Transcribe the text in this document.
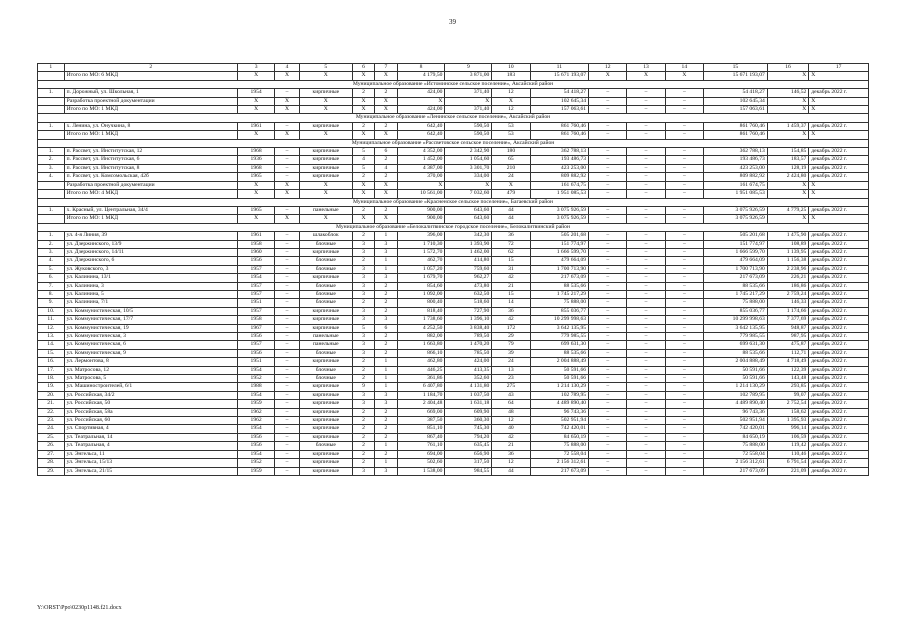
39
1	2	3	4	5	6	7	8	9	10	11	12	13	14	15	16	17
	Итого по МО: 6 МКД	X	X	X	X	X	4 179,50	3 871,00	183	15 671 193,07	X	X	X	15 671 193,07	X	X
Муниципальное образование «Истоминское сельское поселение», Аксайский район																
1.	п. Дорожный, ул. Школьная, 1	1954	–	кирпичные	2	2	424,00	371,40	12	54 418,27	–	–	–	54 418,27	146,52	декабрь 2022 г.
	Разработка проектной документации	X	X	X	X	X	X	X	X	102 645,34	–	–	–	102 645,34	X	X
	Итого по МО: 1 МКД	X	X	X	X	X	424,00	371,40	12	157 063,61	–	–	–	157 063,61	X	X
Муниципальное образование «Ленинское сельское поселение», Аксайский район																
1.	х. Ленина, ул. Онучкина, 8	1961	–	кирпичные	2	2	642,40	590,50	53	861 760,46	–	–	–	861 760,46	1 459,37	декабрь 2022 г.
	Итого по МО: 1 МКД	X	X	X	X	X	642,40	590,50	53	861 760,46	–	–	–	861 760,46	X	X
Муниципальное образование «Рассветовское сельское поселение», Аксайский район																
1.	п. Рассвет, ул. Институтская, 12	1968	–	кирпичные	5	6	4 352,00	2 342,90	180	362 788,13	–	–	–	362 788,13	154,85	декабрь 2022 г.
2.	п. Рассвет, ул. Институтская, 6	1936	–	кирпичные	4	2	1 452,00	1 054,60	65	193 486,73	–	–	–	193 486,73	183,57	декабрь 2022 г.
3.	п. Рассвет, ул. Институтская, 8	1968	–	кирпичные	5	4	4 387,00	3 301,70	210	423 253,00	–	–	–	423 253,00	128,19	декабрь 2022 г.
4.	п. Рассвет, ул. Комсомольская, 42б	1965	–	кирпичные	2	2	370,00	334,00	24	809 882,92	–	–	–	809 882,92	2 424,80	декабрь 2022 г.
	Разработка проектной документации	X	X	X	X	X	X	X	X	161 674,75	–	–	–	161 674,75	X	X
	Итого по МО: 4 МКД	X	X	X	X	X	10 561,00	7 032,60	479	1 951 085,53	–	–	–	1 951 085,53	X	X
Муниципальное образование «Красненское сельское поселение», Багаевский район																
1.	х. Красный, ул. Центральная, 34/4	1965	–	панельные	2	2	900,00	643,60	44	3 075 926,59	–	–	–	3 075 926,59	4 779,25	декабрь 2022 г.
	Итого по МО: 1 МКД	X	X	X	X	X	900,00	643,60	44	3 075 926,59	–	–	–	3 075 926,59	X	X
Муниципальное образование «Белокалитвинское городское поселение», Белокалитвинский район																
1.	ул. 4-я Линия, 39	1961	–	шлакоблок	2	1	396,00	342,30	36	505 201,68	–	–	–	505 201,68	1 475,90	декабрь 2022 г.
2.	ул. Дзержинского, 13/9	1958	–	блочные	3	3	1 710,30	1 393,90	72	151 774,97	–	–	–	151 774,97	108,89	декабрь 2022 г.
3.	ул. Дзержинского, 14/11	1960	–	кирпичные	3	3	1 572,70	1 462,00	62	1 666 599,70	–	–	–	1 666 599,70	1 139,95	декабрь 2022 г.
4.	ул. Дзержинского, 6	1956	–	блочные	2	1	462,70	414,80	15	479 664,09	–	–	–	479 664,09	1 156,38	декабрь 2022 г.
5.	ул. Жуковского, 3	1957	–	блочные	3	1	1 057,20	759,60	31	1 700 713,90	–	–	–	1 700 713,90	2 238,96	декабрь 2022 г.
6.	ул. Калинина, 13/1	1954	–	кирпичные	3	3	1 679,70	962,27	42	217 673,09	–	–	–	217 673,09	226,21	декабрь 2022 г.
7.	ул. Калинина, 3	1957	–	блочные	3	2	854,60	473,80	21	88 535,66	–	–	–	88 535,66	186,86	декабрь 2022 г.
8.	ул. Калинина, 5	1957	–	блочные	3	2	1 092,00	632,50	15	1 745 217,29	–	–	–	1 745 217,29	2 759,24	декабрь 2022 г.
9.	ул. Калинина, 7/1	1951	–	блочные	2	2	800,40	518,60	14	75 888,00	–	–	–	75 888,00	146,33	декабрь 2022 г.
10.	ул. Коммунистическая, 10/5	1957	–	кирпичные	3	2	818,40	727,90	36	855 036,77	–	–	–	855 036,77	1 174,66	декабрь 2022 г.
11.	ул. Коммунистическая, 17/7	1958	–	кирпичные	3	3	1 738,60	1 396,10	42	10 299 998,63	–	–	–	10 299 998,63	7 377,69	декабрь 2022 г.
12.	ул. Коммунистическая, 19	1967	–	кирпичные	5	6	4 252,50	3 838,40	172	3 642 135,95	–	–	–	3 642 135,95	948,87	декабрь 2022 г.
13.	ул. Коммунистическая, 3	1956	–	панельные	3	2	882,00	789,50	29	779 985,55	–	–	–	779 985,55	987,95	декабрь 2022 г.
14.	ул. Коммунистическая, 6	1957	–	панельные	3	2	1 663,80	1 470,20	79	699 631,30	–	–	–	699 631,30	475,87	декабрь 2022 г.
15.	ул. Коммунистическая, 9	1956	–	блочные	3	2	866,10	785,50	39	88 535,66	–	–	–	88 535,66	112,71	декабрь 2022 г.
16.	ул. Лермонтова, 8	1951	–	кирпичные	2	1	462,80	424,00	24	2 004 888,49	–	–	–	2 004 888,49	4 718,49	декабрь 2022 г.
17.	ул. Матросова, 12	1954	–	блочные	2	1	446,25	413,35	13	50 591,66	–	–	–	50 591,66	122,39	декабрь 2022 г.
18.	ул. Матросова, 5	1952	–	блочные	2	1	361,86	352,60	23	50 591,66	–	–	–	50 591,66	143,48	декабрь 2022 г.
19.	ул. Машиностроителей, 6/1	1988	–	кирпичные	9	1	6 407,80	4 131,80	275	1 214 130,29	–	–	–	1 214 130,29	293,85	декабрь 2022 г.
20.	ул. Российская, 34/2	1954	–	кирпичные	3	3	1 184,70	1 037,50	43	102 789,95	–	–	–	102 789,95	99,07	декабрь 2022 г.
21.	ул. Российская, 50	1959	–	кирпичные	3	3	2 404,48	1 631,18	64	4 489 890,40	–	–	–	4 489 890,40	2 752,54	декабрь 2022 г.
22.	ул. Российская, 58а	1962	–	кирпичные	2	2	669,00	609,90	48	96 743,36	–	–	–	96 743,36	158,62	декабрь 2022 г.
23.	ул. Российская, 60	1962	–	кирпичные	2	2	387,50	360,30	12	502 951,94	–	–	–	502 951,94	1 395,93	декабрь 2022 г.
24.	ул. Спортивная, 4	1954	–	кирпичные	2	2	851,10	745,30	40	742 420,01	–	–	–	742 420,01	996,14	декабрь 2022 г.
25.	ул. Театральная, 14	1956	–	кирпичные	2	2	867,40	794,20	42	84 650,19	–	–	–	84 650,19	106,59	декабрь 2022 г.
26.	ул. Театральная, 4	1956	–	блочные	2	1	761,10	635,45	21	75 888,00	–	–	–	75 888,00	119,42	декабрь 2022 г.
27.	ул. Энгельса, 11	1954	–	кирпичные	2	2	694,00	656,90	36	72 558,04	–	–	–	72 558,04	110,46	декабрь 2022 г.
28.	ул. Энгельса, 15/13	1952	–	кирпичные	2	1	502,60	317,50	12	2 156 312,61	–	–	–	2 156 312,61	6 791,54	декабрь 2022 г.
29.	ул. Энгельса, 21/15	1959	–	кирпичные	3	3	1 538,00	984,55	44	217 673,09	–	–	–	217 673,09	221,09	декабрь 2022 г.
Y:\ORST\Ppo\0230p1148.f21.docx
